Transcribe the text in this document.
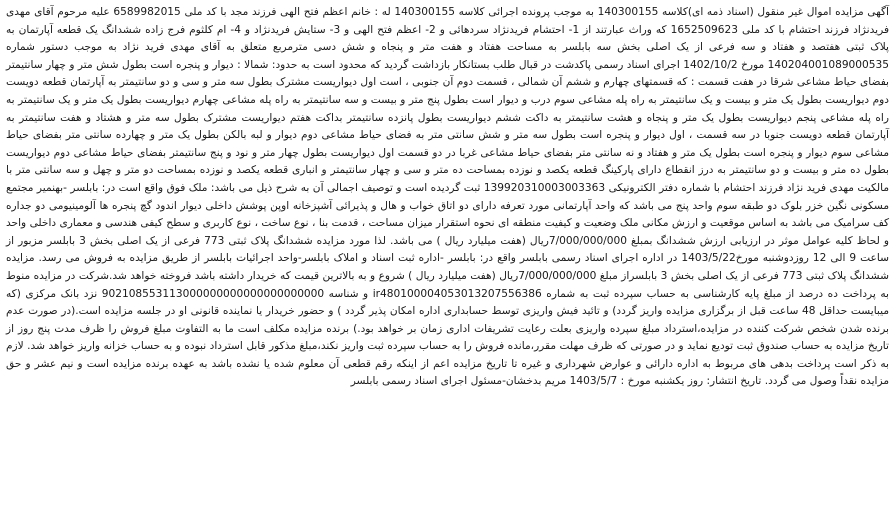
آگهی مزایده اموال غیر منقول (اسناد ذمه ای)کلاسه 140300155 به موجب پرونده اجرائی کلاسه 140300155 له : خانم اعظم فتح الهی فرزند مجد با کد ملی 6589982015 علیه مرحوم آقای مهدی فریدنژاد فرزند احتشام با کد ملی 1652509623 که وراث عبارتند از 1- احتشام فریدنژاد سردهائی و 2- اعظم فتح الهی و 3- ستایش فریدنژاد و 4- ام کلثوم فرج زاده ششدانگ یک قطعه آپارتمان به پلاک ثبتی هفتصد و هفتاد و سه فرعی از یک اصلی بخش سه بابلسر به مساحت هفتاد و هفت متر و پنجاه و شش دسی مترمربع متعلق به آقای مهدی فرید نژاد به موجب دستور شماره 140204001089000535 مورخ 1402/10/2 اجرای اسناد رسمی پاکدشت در قبال طلب بستانکار بازداشت گردید که محدود است به حدود: شمالا : دیوار و پنجره است بطول شش متر و چهار سانتیمتر بفضای حیاط مشاعی شرقا در هفت قسمت : که قسمتهای چهارم و ششم آن شمالی ، قسمت دوم آن جنوبی ، است اول دیواریست مشترک بطول سه متر و سی و دو سانتیمتر به آپارتمان قطعه دویست دوم دیواریست بطول یک متر و بیست و یک سانتیمتر به راه پله مشاعی سوم درب و دیوار است بطول پنج متر و بیست و سه سانتیمتر به راه پله مشاعی چهارم دیواریست بطول یک متر و یک سانتیمتر به راه پله مشاعی پنجم دیواریست بطول یک متر و پنجاه و هشت سانتیمتر به داکت ششم دیواریست بطول پانزده سانتیمتر بداکت هفتم دیواریست مشترک بطول سه متر و هشتاد و هفت سانتیمتر به آپارتمان قطعه دویست جنوبا در سه قسمت ، اول دیوار و پنجره است بطول سه متر و شش سانتی متر به فضای حیاط مشاعی دوم دیوار و لبه بالکن بطول یک متر و چهارده سانتی متر بفضای حیاط مشاعی سوم دیوار و پنجره است بطول یک متر و هفتاد و نه سانتی متر بفضای حیاط مشاعی غربا در دو قسمت اول دیواریست بطول چهار متر و نود و پنج سانتیمتر بفضای حیاط مشاعی دوم دیواریست بطول ده متر و بیست و دو سانتیمتر به درز انقطاع دارای پارکینگ قطعه یکصد و نوزده بمساحت ده متر و سی و چهار سانتیمتر و انباری قطعه یکصد و نوزده بمساحت دو متر و چهل و سه سانتی متر با مالکیت مهدی فرید نژاد فرزند احتشام با شماره دفتر الکترونیکی 139920310003003363 ثبت گردیده است و توصیف اجمالی آن به شرح ذیل می باشد: ملک فوق واقع است در: بابلسر -بهنمیر مجتمع مسکونی نگین خزر بلوک دو طبقه سوم واحد پنج می باشد که واحد آپارتمانی مورد تعرفه دارای دو اتاق خواب و هال و پذیرائی آشپزخانه اوپن پوشش داخلی دیوار اندود گچ پنجره ها آلومینیومی دو جداره کف سرامیک می باشد به اساس موقعیت و ارزش مکانی ملک وضعیت و کیفیت منطقه ای نحوه استقرار میزان مساحت ، قدمت بنا ، نوع ساخت ، نوع کاربری و سطح کیفی هندسی و معماری داخلی واحد و لحاظ کلیه عوامل موثر در ارزیابی ارزش ششدانگ بمبلغ 7/000/000/000ریال (هفت میلیارد ریال ) می باشد. لذا مورد مزایده ششدانگ پلاک ثبتی 773 فرعی از یک اصلی بخش 3 بابلسر مزبور از ساعت 9 الی 12 روزدوشنبه مورخ1403/5/22 در اداره اجرای اسناد رسمی بابلسر واقع در: بابلسر -اداره ثبت اسناد و املاک بابلسر-واحد اجرائیات بابلسر از طریق مزایده به فروش می رسد. مزایده ششدانگ پلاک ثبتی 773 فرعی از یک اصلی بخش 3 بابلسراز مبلغ 7/000/000/000ریال (هفت میلیارد ریال ) شروع و به بالاترین قیمت که خریدار داشته باشد فروخته خواهد شد.شرکت در مزایده منوط به پرداخت ده درصد از مبلغ پایه کارشناسی به حساب سپرده ثبت به شماره ir480100004053013207556386 و شناسه 902108553113000000000000000000000 نزد بانک مرکزی (که میبایست حداقل 48 ساعت قبل از برگزاری مزایده واریز گردد) و تائید فیش واریزی توسط حسابداری اداره امکان پذیر گردد ) و حضور خریدار یا نماینده قانونی او در جلسه مزایده است.(در صورت عدم برنده شدن شخص شرکت کننده در مزایده،استرداد مبلغ سپرده واریزی بعلت رعایت تشریفات اداری زمان بر خواهد بود.) برنده مزایده مکلف است ما به التفاوت مبلغ فروش را ظرف مدت پنج روز از تاریخ مزایده به حساب صندوق ثبت تودیع نماید و در صورتی که ظرف مهلت مقرر،مانده فروش را به حساب سپرده ثبت واریز نکند،مبلغ مذکور قابل استرداد نبوده و به حساب خزانه واریز خواهد شد. لازم به ذکر است پرداخت بدهی های مربوط به اداره دارائی و عوارض شهرداری و غیره تا تاریخ مزایده اعم از اینکه رقم قطعی آن معلوم شده یا نشده باشد به عهده برنده مزایده است و نیم عشر و حق مزایده نقداً وصول می گردد. تاریخ انتشار: روز یکشنبه مورخ : 1403/5/7 مریم بدخشان-مسئول اجرای اسناد رسمی بابلسر
